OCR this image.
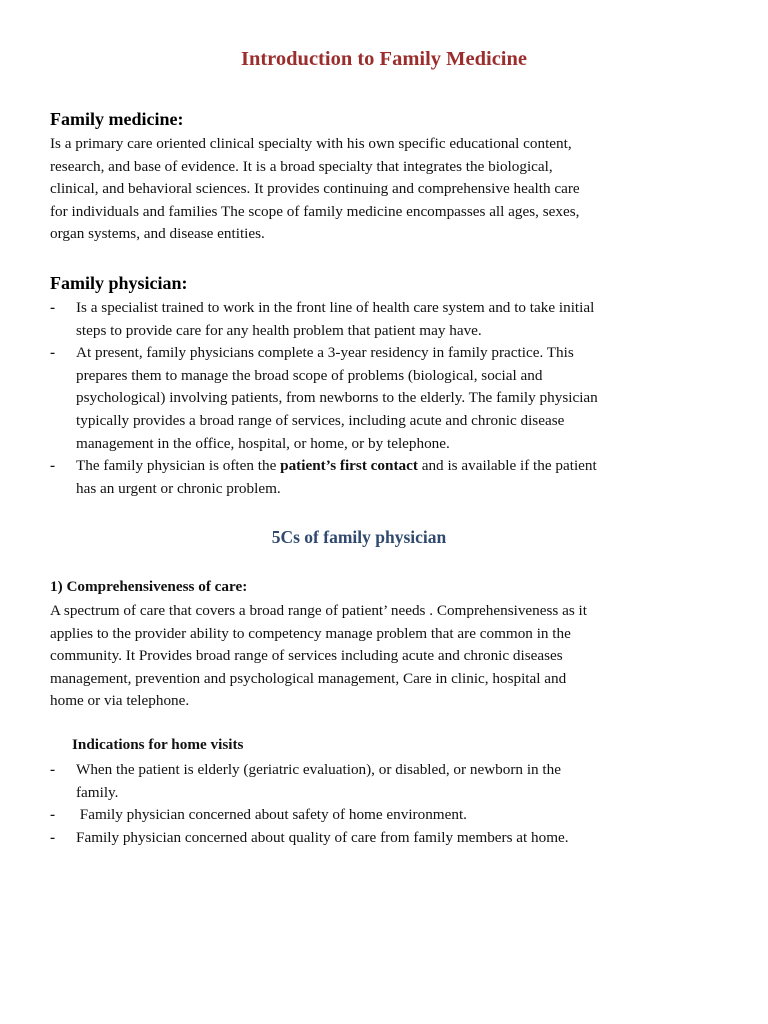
Introduction to Family Medicine
Family medicine:
Is a primary care oriented clinical specialty with his own specific educational content,
research, and base of evidence. It is a broad specialty that integrates the biological,
clinical, and behavioral sciences. It provides continuing and comprehensive health care
for individuals and families The scope of family medicine encompasses all ages, sexes,
organ systems, and disease entities.
Family physician:
- Is a specialist trained to work in the front line of health care system and to take initial
steps to provide care for any health problem that patient may have.
- At present, family physicians complete a 3-year residency in family practice. This
prepares them to manage the broad scope of problems (biological, social and
psychological) involving patients, from newborns to the elderly. The family physician
typically provides a broad range of services, including acute and chronic disease
management in the office, hospital, or home, or by telephone.
- The family physician is often the patient’s first contact and is available if the patient
has an urgent or chronic problem.
5Cs of family physician
1) Comprehensiveness of care:
A spectrum of care that covers a broad range of patient’ needs . Comprehensiveness as it
applies to the provider ability to competency manage problem that are common in the
community. It Provides broad range of services including acute and chronic diseases
management, prevention and psychological management, Care in clinic, hospital and
home or via telephone.
Indications for home visits
- When the patient is elderly (geriatric evaluation), or disabled, or newborn in the
family.
- Family physician concerned about safety of home environment.
- Family physician concerned about quality of care from family members at home.
